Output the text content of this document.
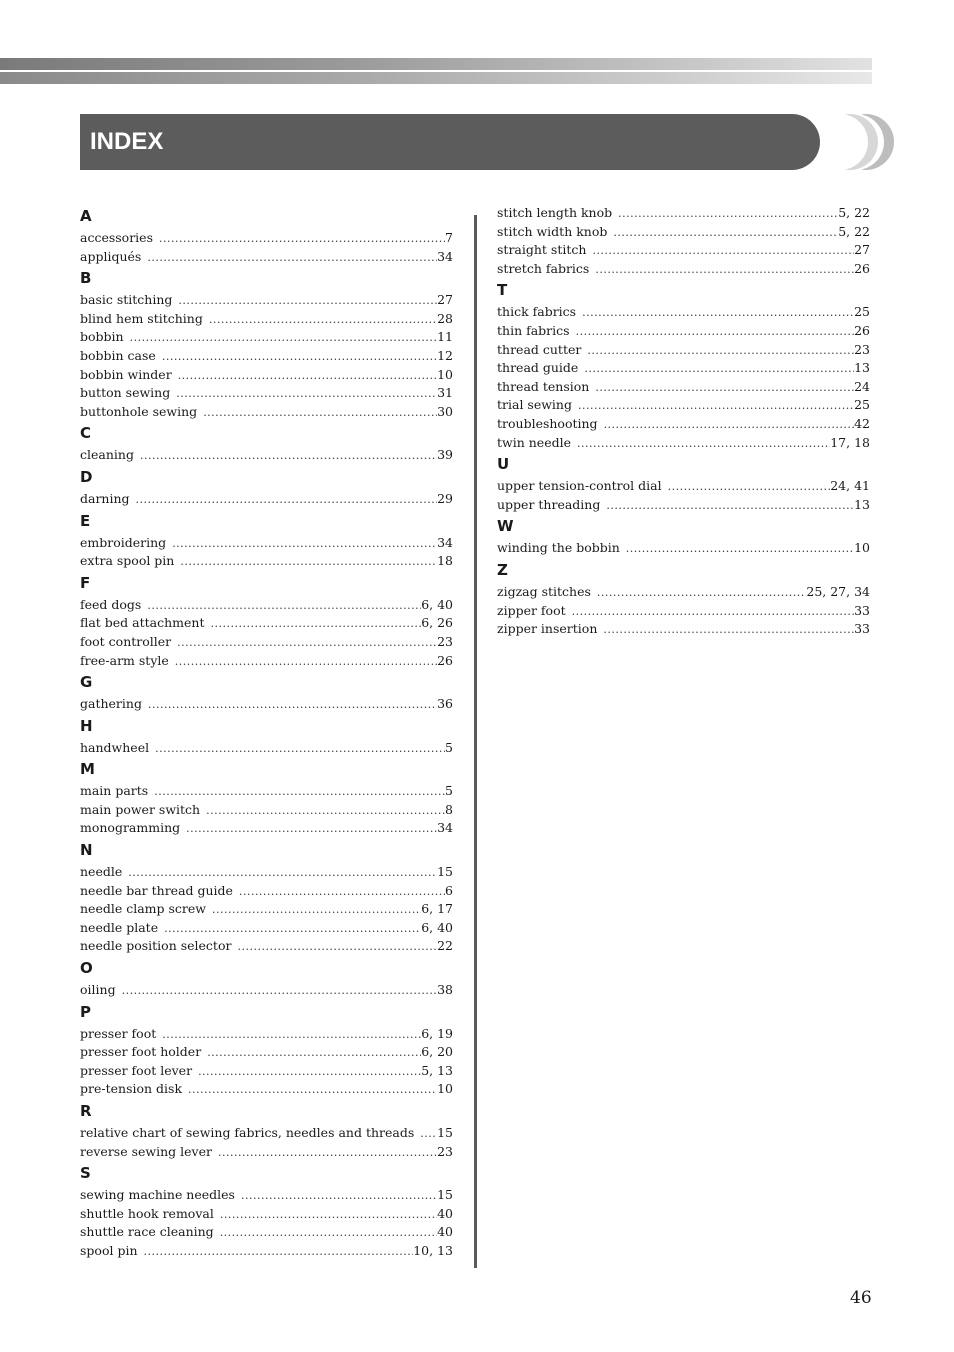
INDEX
A
accessories .....	7
appliqués .....	34
B
basic stitching .....	27
blind hem stitching .....	28
bobbin .....	11
bobbin case .....	12
bobbin winder .....	10
button sewing .....	31
buttonhole sewing .....	30
C
cleaning .....	39
D
darning .....	29
E
embroidering .....	34
extra spool pin .....	18
F
feed dogs .....	6, 40
flat bed attachment .....	6, 26
foot controller .....	23
free-arm style .....	26
G
gathering .....	36
H
handwheel .....	5
M
main parts .....	5
main power switch .....	8
monogramming .....	34
N
needle .....	15
needle bar thread guide .....	6
needle clamp screw .....	6, 17
needle plate .....	6, 40
needle position selector .....	22
O
oiling .....	38
P
presser foot .....	6, 19
presser foot holder .....	6, 20
presser foot lever .....	5, 13
pre-tension disk .....	10
R
relative chart of sewing fabrics, needles and threads .....	15
reverse sewing lever .....	23
S
sewing machine needles .....	15
shuttle hook removal .....	40
shuttle race cleaning .....	40
spool pin .....	10, 13
stitch length knob .....	5, 22
stitch width knob .....	5, 22
straight stitch .....	27
stretch fabrics .....	26
T
thick fabrics .....	25
thin fabrics .....	26
thread cutter .....	23
thread guide .....	13
thread tension .....	24
trial sewing .....	25
troubleshooting .....	42
twin needle .....	17, 18
U
upper tension-control dial .....	24, 41
upper threading .....	13
W
winding the bobbin .....	10
Z
zigzag stitches .....	25, 27, 34
zipper foot .....	33
zipper insertion .....	33
46
